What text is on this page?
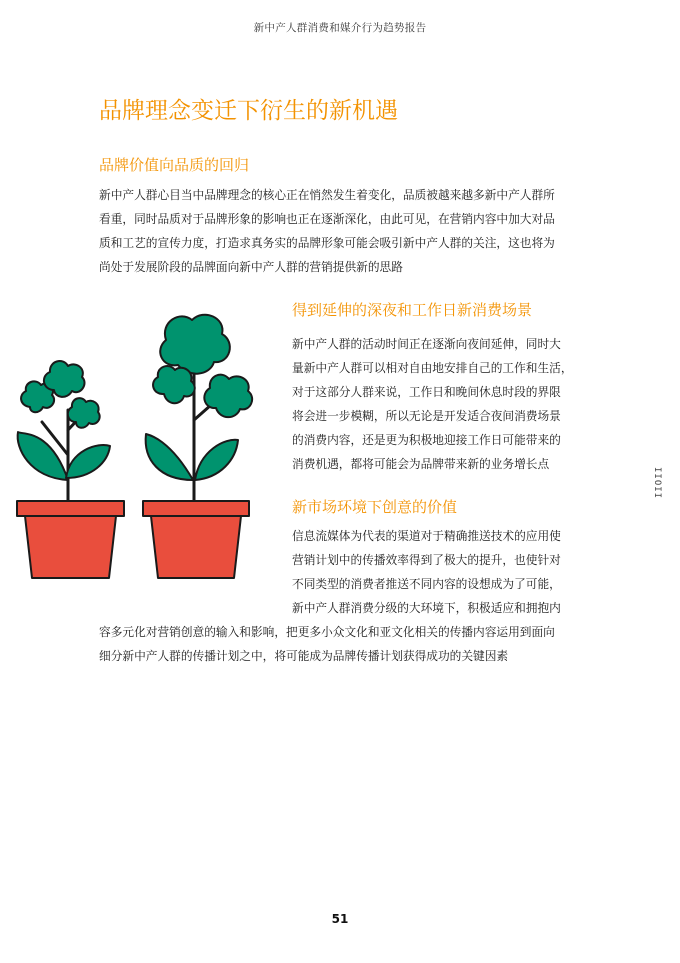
新中产人群消费和媒介行为趋势报告
品牌理念变迁下衍生的新机遇
品牌价值向品质的回归
新中产人群心目当中品牌理念的核心正在悄然发生着变化，品质被越来越多新中产人群所
看重，同时品质对于品牌形象的影响也正在逐渐深化，由此可见，在营销内容中加大对品
质和工艺的宣传力度，打造求真务实的品牌形象可能会吸引新中产人群的关注，这也将为
尚处于发展阶段的品牌面向新中产人群的营销提供新的思路
得到延伸的深夜和工作日新消费场景
新中产人群的活动时间正在逐渐向夜间延伸，同时大
量新中产人群可以相对自由地安排自己的工作和生活，
对于这部分人群来说，工作日和晚间休息时段的界限
将会进一步模糊，所以无论是开发适合夜间消费场景
的消费内容，还是更为积极地迎接工作日可能带来的
消费机遇，都将可能会为品牌带来新的业务增长点
新市场环境下创意的价值
信息流媒体为代表的渠道对于精确推送技术的应用使
营销计划中的传播效率得到了极大的提升，也使针对
不同类型的消费者推送不同内容的设想成为了可能，
新中产人群消费分级的大环境下，积极适应和拥抱内
容多元化对营销创意的输入和影响，把更多小众文化和亚文化相关的传播内容运用到面向
细分新中产人群的传播计划之中，将可能成为品牌传播计划获得成功的关键因素
IIOII
51
